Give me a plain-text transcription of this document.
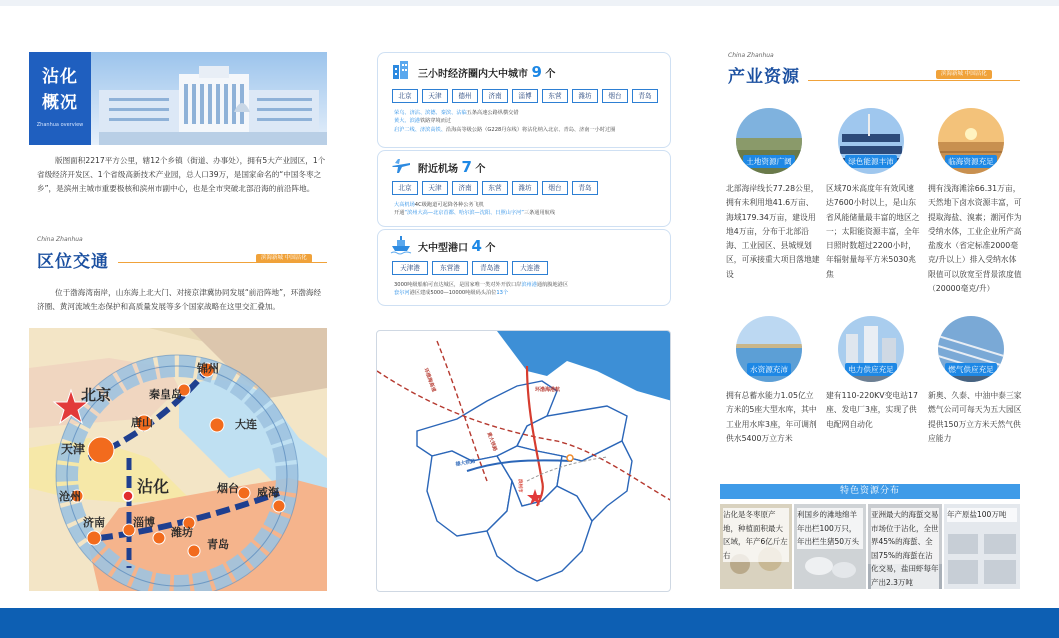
沾化
概况
Zhanhua overview
版图面积2217平方公里，辖12个乡镇（街道、办事处），拥有5大产业园区，1个省级经济开发区、1个省级高新技术产业园，总人口39万，是国家命名的“中国冬枣之乡”，是滨州主城市重要极核和滨州市副中心，也是全市突破北部沿海的前沿阵地。
China Zhanhua
区位交通	滨海新城 中国沾化
位于渤海湾南岸，山东海上北大门、对接京津冀协同发展“前沿阵地”，环渤海经济圈、黄河流域生态保护和高质量发展等多个国家战略在这里交汇叠加。
北京
天津
锦州
秦皇岛
唐山	大连
沧州
沾化	烟台 威海
济南	淄博
潍坊
青岛
三小时经济圈内大中城市 9 个
北京	天津	德州	济南	淄博	东营	潍坊	烟台	青岛
荣乌、济沾、滨德、秦滨、沾临五条高速公路纵横交错
黄大、滨港铁路穿境而过
启沪二线、济滨高铁、沿海高等级公路（G228丹东线）将沾化纳入北京、青岛、济南一小时过圈
附近机场 7 个
北京	天津	济南	东营	潍坊	烟台	青岛
大高机场4C级跑道可起降各种公务飞机
开通“滨州大高—北京首都、哈尔滨—沈阳、日照山字河”三条通用航线
大中型港口 4 个
天津港	东营港	青岛港	大连港
3000吨级船舶可直达城区，是国家唯一类对外开放口岸滨州港通航腹地港区
套尔河港区建成5000—10000吨级码头泊位13个
环渤海高速	环渤海港航
德大铁路
黄大铁路
滨州市
China Zhanhua
产业资源	滨海新城 中国沾化
土地资源广阔
北部海岸线长77.28公里，拥有未利用地41.6万亩、海域179.34万亩，建设用地4万亩，分布于北部沿海、工业园区、县城规划区，可承接重大项目落地建设
绿色能源丰沛
区域70米高度年有效风速达7600小时以上，是山东省风能储量最丰富的地区之一；太阳能资源丰富，全年日照时数超过2200小时，年辐射量每平方米5030兆焦
临海资源充足
拥有浅海滩涂66.31万亩，天然地下卤水资源丰富，可提取海盐、溴素；潮河作为受纳水体，工业企业所产高盐废水（省定标准2000毫克/升以上）排入受纳水体限值可以放宽至背景浓度值（20000毫克/升）
水资源充沛
拥有总蓄水能力1.05亿立方米的5座大型水库，其中工业用水库3座，年可调剂供水5400万立方米
电力供应充足
建有110-220KV变电站17座、发电厂3座，实现了供电配网自动化
燃气供应充足
新奥、久泰、中油中泰三家燃气公司可每天为五大园区提供150万立方米天然气供应能力
特色资源分布
沾化是冬枣原产地，种植面积最大区域，年产6亿斤左右
利国乡的滩地绵羊年出栏100万只，年出栏生猪50万头
亚洲最大的海蜇交易市场位于沾化，全世界45%的海蜇、全国75%的海蜇在沾化交易，盐田虾每年产出2.3万吨
年产原盐100万吨
